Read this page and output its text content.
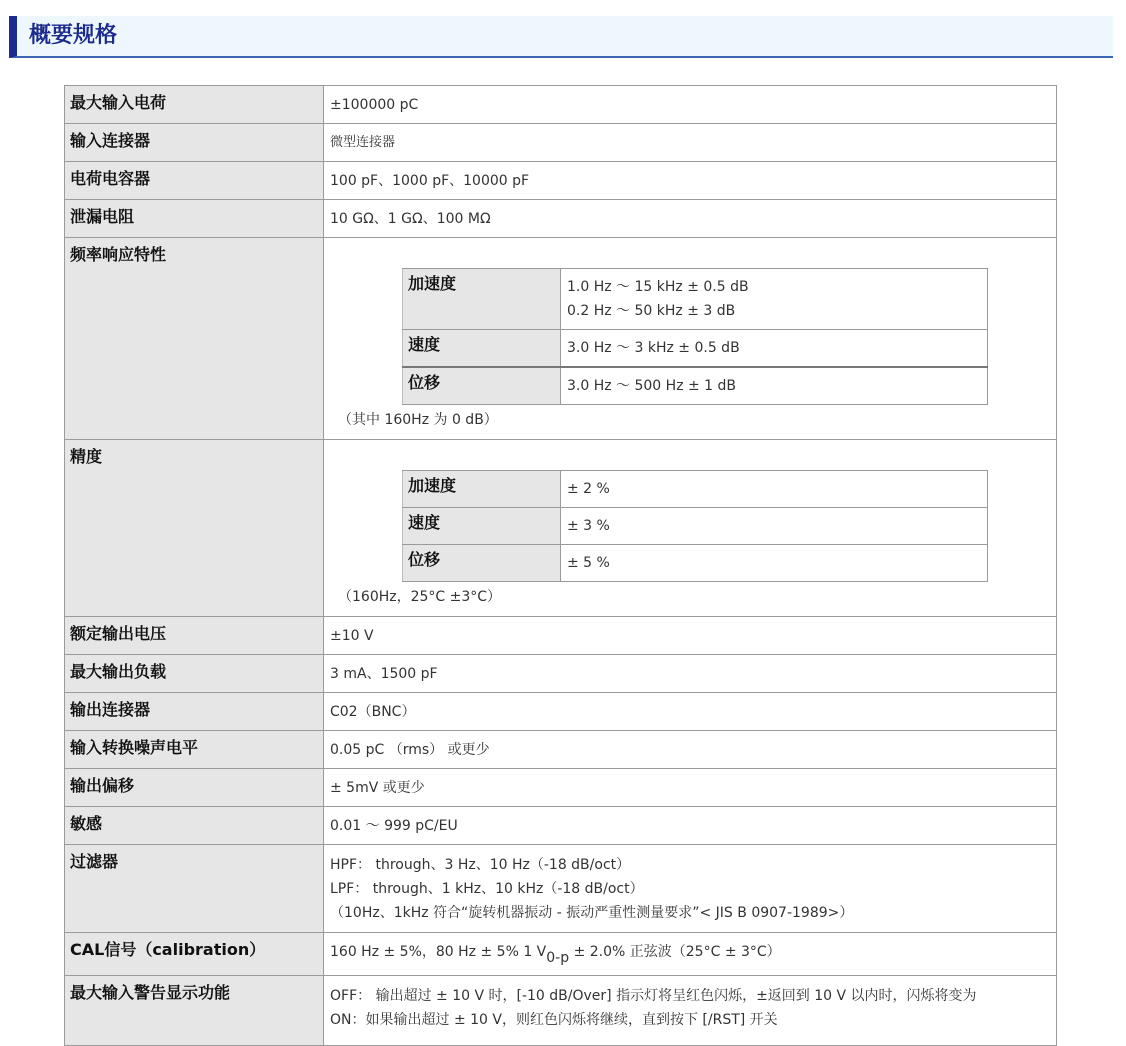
概要规格
最大输入电荷	±100000 pC
输入连接器	微型连接器
电荷电容器	100 pF、1000 pF、10000 pF
泄漏电阻	10 GΩ、1 GΩ、100 MΩ
频率响应特性	
加速度	1.0 Hz ～ 15 kHz ± 0.5 dB
0.2 Hz ～ 50 kHz ± 3 dB

速度	3.0 Hz ～ 3 kHz ± 0.5 dB
位移	3.0 Hz ～ 500 Hz ± 1 dB
（其中 160Hz 为 0 dB）

精度	
加速度	± 2 %
速度	± 3 %
位移	± 5 %
（160Hz，25°C ±3°C）

额定输出电压	±10 V
最大输出负载	3 mA、1500 pF
输出连接器	C02（BNC）
输入转换噪声电平	0.05 pC （rms） 或更少
输出偏移	± 5mV 或更少
敏感	0.01 ～ 999 pC/EU
过滤器	HPF： through、3 Hz、10 Hz（-18 dB/oct）
LPF： through、1 kHz、10 kHz（-18 dB/oct）
（10Hz、1kHz 符合“旋转机器振动 - 振动严重性测量要求”< JIS B 0907-1989>）

CAL信号（calibration）	160 Hz ± 5%，80 Hz ± 5% 1 $V_{0-p} \pm 2.0\%$ 正弦波（25°C ± 3°C）
最大输入警告显示功能	OFF： 输出超过 ± 10 V 时，[-10 dB/Over] 指示灯将呈红色闪烁，±返回到 10 V 以内时，闪烁将变为
ON：如果输出超过 ± 10 V，则红色闪烁将继续，直到按下 [/RST] 开关
